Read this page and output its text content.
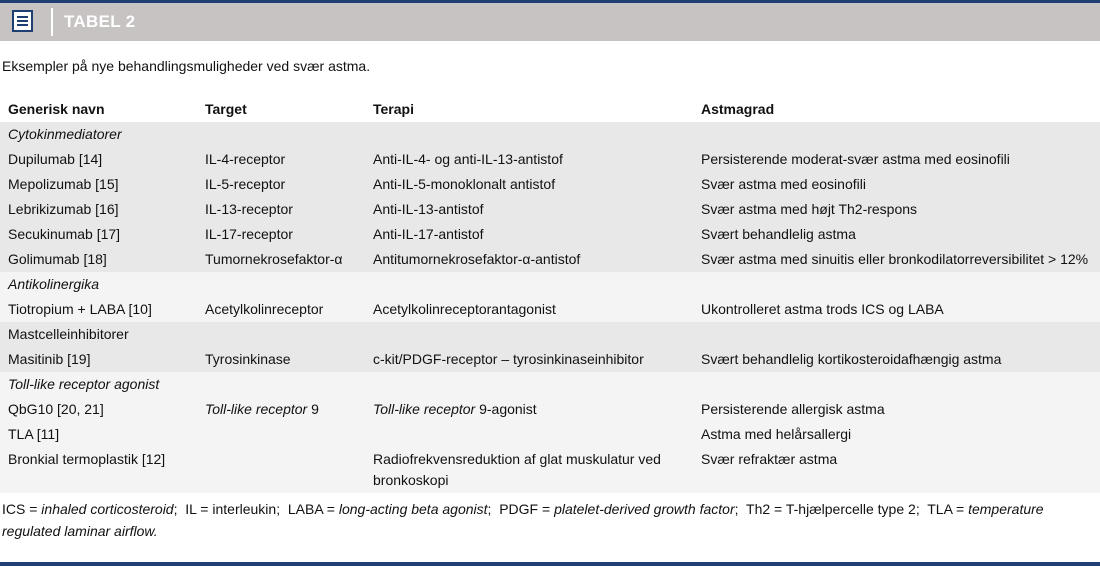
TABEL 2
Eksempler på nye behandlingsmuligheder ved svær astma.
Generisk navn	Target	Terapi	Astmagrad
Cytokinmediatorer			
Dupilumab [14]	IL-4-receptor	Anti-IL-4- og anti-IL-13-antistof	Persisterende moderat-svær astma med eosinofili
Mepolizumab [15]	IL-5-receptor	Anti-IL-5-monoklonalt antistof	Svær astma med eosinofili
Lebrikizumab [16]	IL-13-receptor	Anti-IL-13-antistof	Svær astma med højt Th2-respons
Secukinumab [17]	IL-17-receptor	Anti-IL-17-antistof	Svært behandlelig astma
Golimumab [18]	Tumornekrosefaktor-α	Antitumornekrosefaktor-α-antistof	Svær astma med sinuitis eller bronkodilatorreversibilitet > 12%
Antikolinergika			
Tiotropium + LABA [10]	Acetylkolinreceptor	Acetylkolinreceptorantagonist	Ukontrolleret astma trods ICS og LABA
Mastcelleinhibitorer			
Masitinib [19]	Tyrosinkinase	c-kit/PDGF-receptor – tyrosinkinaseinhibitor	Svært behandlelig kortikosteroidafhængig astma
Toll-like receptor agonist			
QbG10 [20, 21]	Toll-like receptor 9	Toll-like receptor 9-agonist	Persisterende allergisk astma
TLA [11]			Astma med helårsallergi
Bronkial termoplastik [12]		Radiofrekvensreduktion af glat muskulatur ved bronkoskopi	Svær refraktær astma
ICS = inhaled corticosteroid;  IL = interleukin;  LABA = long-acting beta agonist;  PDGF = platelet-derived growth factor;  Th2 = T-hjælpercelle type 2;  TLA = temperature regulated laminar airflow.
